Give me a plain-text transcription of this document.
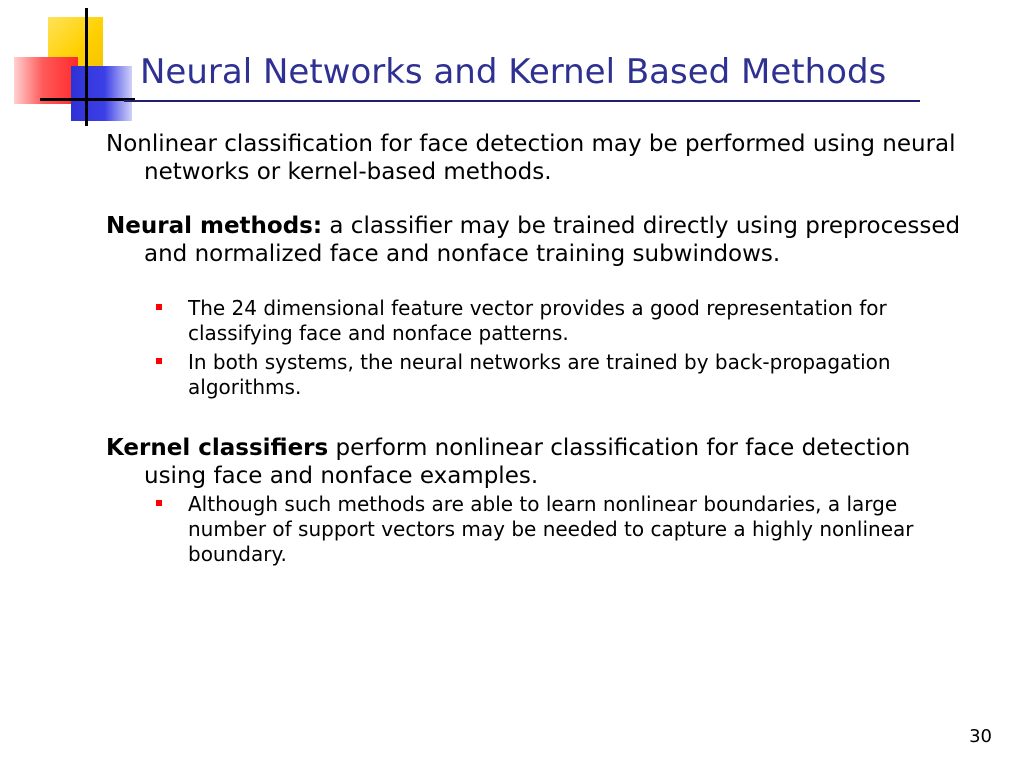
Neural Networks and Kernel Based Methods

Nonlinear classification for face detection may be performed using neural networks or kernel-based methods.

Neural methods: a classifier may be trained directly using preprocessed and normalized face and nonface training subwindows.

The 24 dimensional feature vector provides a good representation for classifying face and nonface patterns.
In both systems, the neural networks are trained by back-propagation algorithms.

Kernel classifiers perform nonlinear classification for face detection using face and nonface examples.

Although such methods are able to learn nonlinear boundaries, a large number of support vectors may be needed to capture a highly nonlinear boundary.
30
